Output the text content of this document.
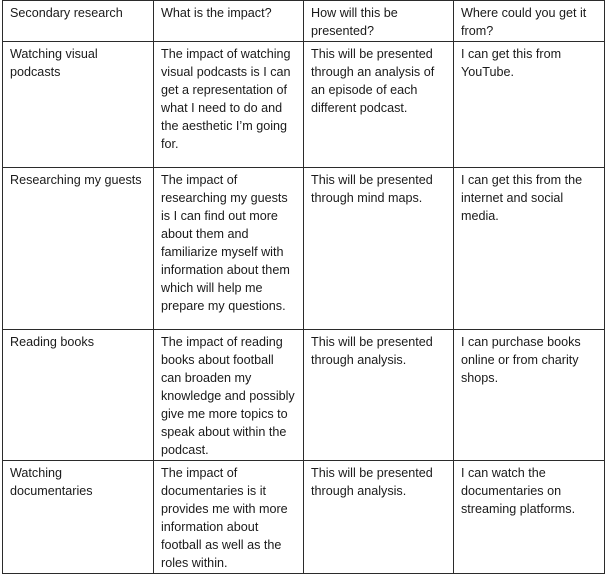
Secondary research	What is the impact?	How will this be presented?	Where could you get it from?

Watching visual podcasts	The impact of watching visual podcasts is I can get a representation of what I need to do and the aesthetic I’m going for.	This will be presented through an analysis of an episode of each different podcast.	I can get this from YouTube.

Researching my guests	The impact of researching my guests is I can find out more about them and familiarize myself with information about them which will help me prepare my questions.	This will be presented through mind maps.	I can get this from the internet and social media.

Reading books	The impact of reading books about football can broaden my knowledge and possibly give me more topics to speak about within the podcast.	This will be presented through analysis.	I can purchase books online or from charity shops.

Watching documentaries	The impact of documentaries is it provides me with more information about football as well as the roles within.	This will be presented through analysis.	I can watch the documentaries on streaming platforms.
